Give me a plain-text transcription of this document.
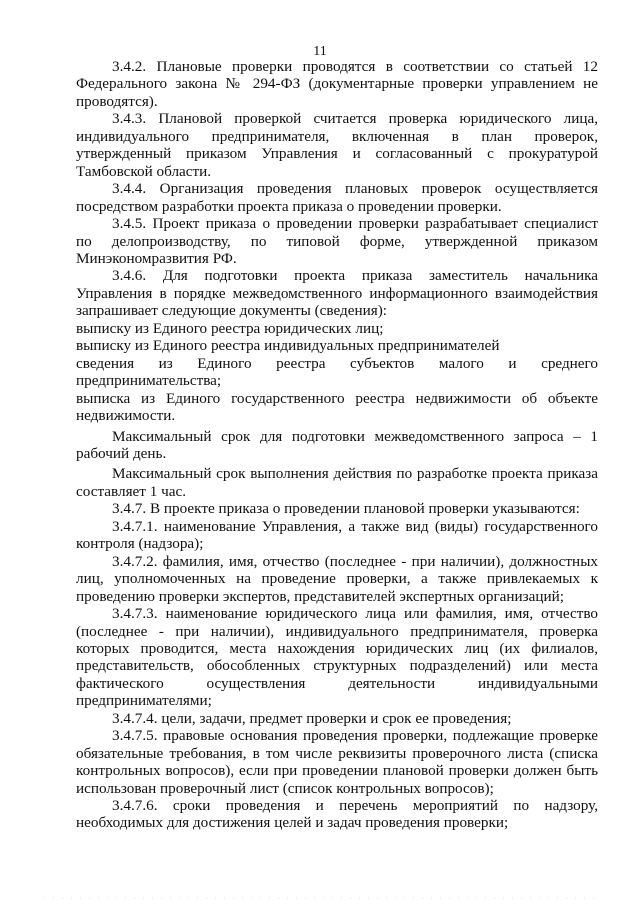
11

3.4.2. Плановые проверки проводятся в соответствии со статьей 12 Федерального закона № 294-ФЗ (документарные проверки управлением не проводятся).

3.4.3. Плановой проверкой считается проверка юридического лица, индивидуального предпринимателя, включенная в план проверок, утвержденный приказом Управления и согласованный с прокуратурой Тамбовской области.

3.4.4. Организация проведения плановых проверок осуществляется посредством разработки проекта приказа о проведении проверки.

3.4.5. Проект приказа о проведении проверки разрабатывает специалист по делопроизводству, по типовой форме, утвержденной приказом Минэкономразвития РФ.

3.4.6. Для подготовки проекта приказа заместитель начальника Управления в порядке межведомственного информационного взаимодействия запрашивает следующие документы (сведения):

выписку из Единого реестра юридических лиц;

выписку из Единого реестра индивидуальных предпринимателей

сведения из Единого реестра субъектов малого и среднего предпринимательства;

выписка из Единого государственного реестра недвижимости об объекте недвижимости.

Максимальный срок для подготовки межведомственного запроса – 1 рабочий день.

Максимальный срок выполнения действия по разработке проекта приказа составляет 1 час.

3.4.7. В проекте приказа о проведении плановой проверки указываются:

3.4.7.1. наименование Управления, а также вид (виды) государственного контроля (надзора);

3.4.7.2. фамилия, имя, отчество (последнее - при наличии), должностных лиц, уполномоченных на проведение проверки, а также привлекаемых к проведению проверки экспертов, представителей экспертных организаций;

3.4.7.3. наименование юридического лица или фамилия, имя, отчество (последнее - при наличии), индивидуального предпринимателя, проверка которых проводится, места нахождения юридических лиц (их филиалов, представительств, обособленных структурных подразделений) или места фактического осуществления деятельности индивидуальными предпринимателями;

3.4.7.4. цели, задачи, предмет проверки и срок ее проведения;

3.4.7.5. правовые основания проведения проверки, подлежащие проверке обязательные требования, в том числе реквизиты проверочного листа (списка контрольных вопросов), если при проведении плановой проверки должен быть использован проверочный лист (список контрольных вопросов);

3.4.7.6. сроки проведения и перечень мероприятий по надзору, необходимых для достижения целей и задач проведения проверки;
